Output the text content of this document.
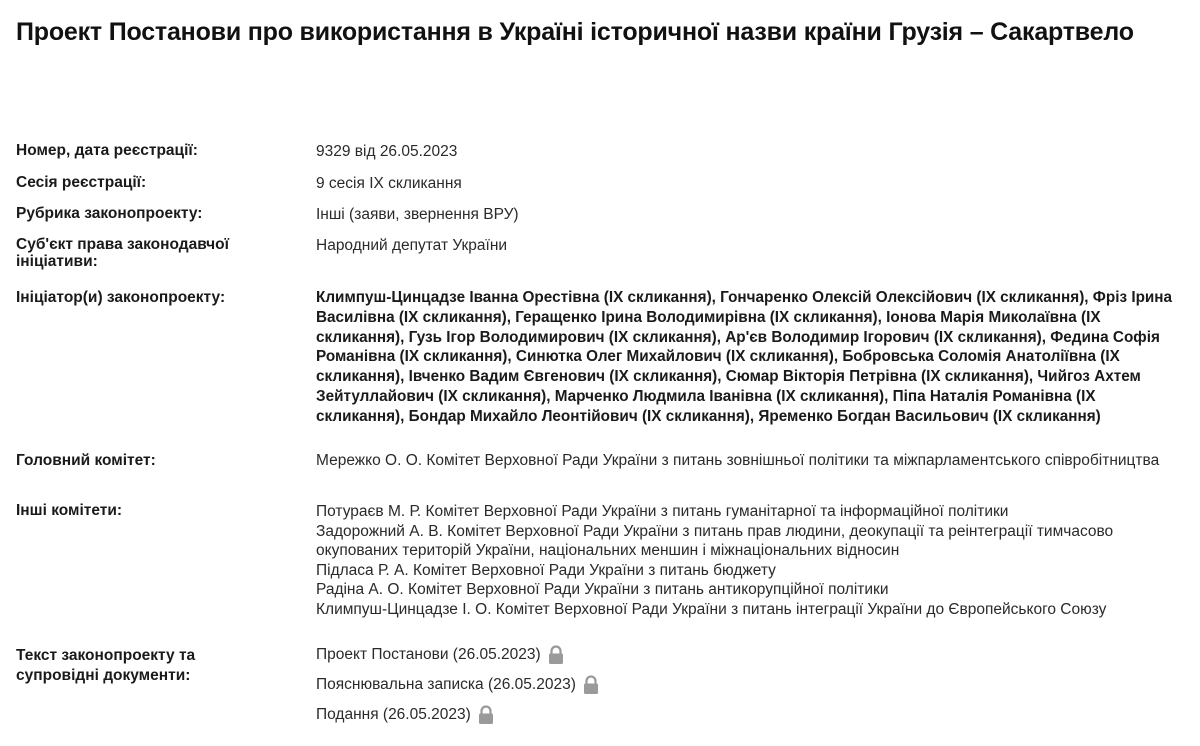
Проект Постанови про використання в Україні історичної назви країни Грузія – Сакартвело
Номер, дата реєстрації:	9329 від 26.05.2023
Сесія реєстрації:	9 сесія IX скликання
Рубрика законопроекту:	Інші (заяви, звернення ВРУ)
Суб'єкт права законодавчої ініціативи:
Народний депутат України
Ініціатор(и) законопроекту:	Климпуш-Цинцадзе Іванна Орестівна (IX скликання), Гончаренко Олексій Олексійович (IX скликання), Фріз Ірина Василівна (IX скликання), Геращенко Ірина Володимирівна (IX скликання), Іонова Марія Миколаївна (IX скликання), Гузь Ігор Володимирович (IX скликання), Ар'єв Володимир Ігорович (IX скликання), Федина Софія Романівна (IX скликання), Синютка Олег Михайлович (IX скликання), Бобровська Соломія Анатоліївна (IX скликання), Івченко Вадим Євгенович (IX скликання), Сюмар Вікторія Петрівна (IX скликання), Чийгоз Ахтем Зейтуллайович (IX скликання), Марченко Людмила Іванівна (IX скликання), Піпа Наталія Романівна (IX скликання), Бондар Михайло Леонтійович (IX скликання), Яременко Богдан Васильович (IX скликання)
Головний комітет:	Мережко О. О. Комітет Верховної Ради України з питань зовнішньої політики та міжпарламентського співробітництва
Інші комітети:	Потураєв М. Р. Комітет Верховної Ради України з питань гуманітарної та інформаційної політики
Задорожний А. В. Комітет Верховної Ради України з питань прав людини, деокупації та реінтеграції тимчасово окупованих територій України, національних меншин і міжнаціональних відносин
Підласа Р. А. Комітет Верховної Ради України з питань бюджету
Радіна А. О. Комітет Верховної Ради України з питань антикорупційної політики
Климпуш-Цинцадзе І. О. Комітет Верховної Ради України з питань інтеграції України до Європейського Союзу
Текст законопроекту та супровідні документи:
Проект Постанови (26.05.2023)
Пояснювальна записка (26.05.2023)
Подання (26.05.2023)
